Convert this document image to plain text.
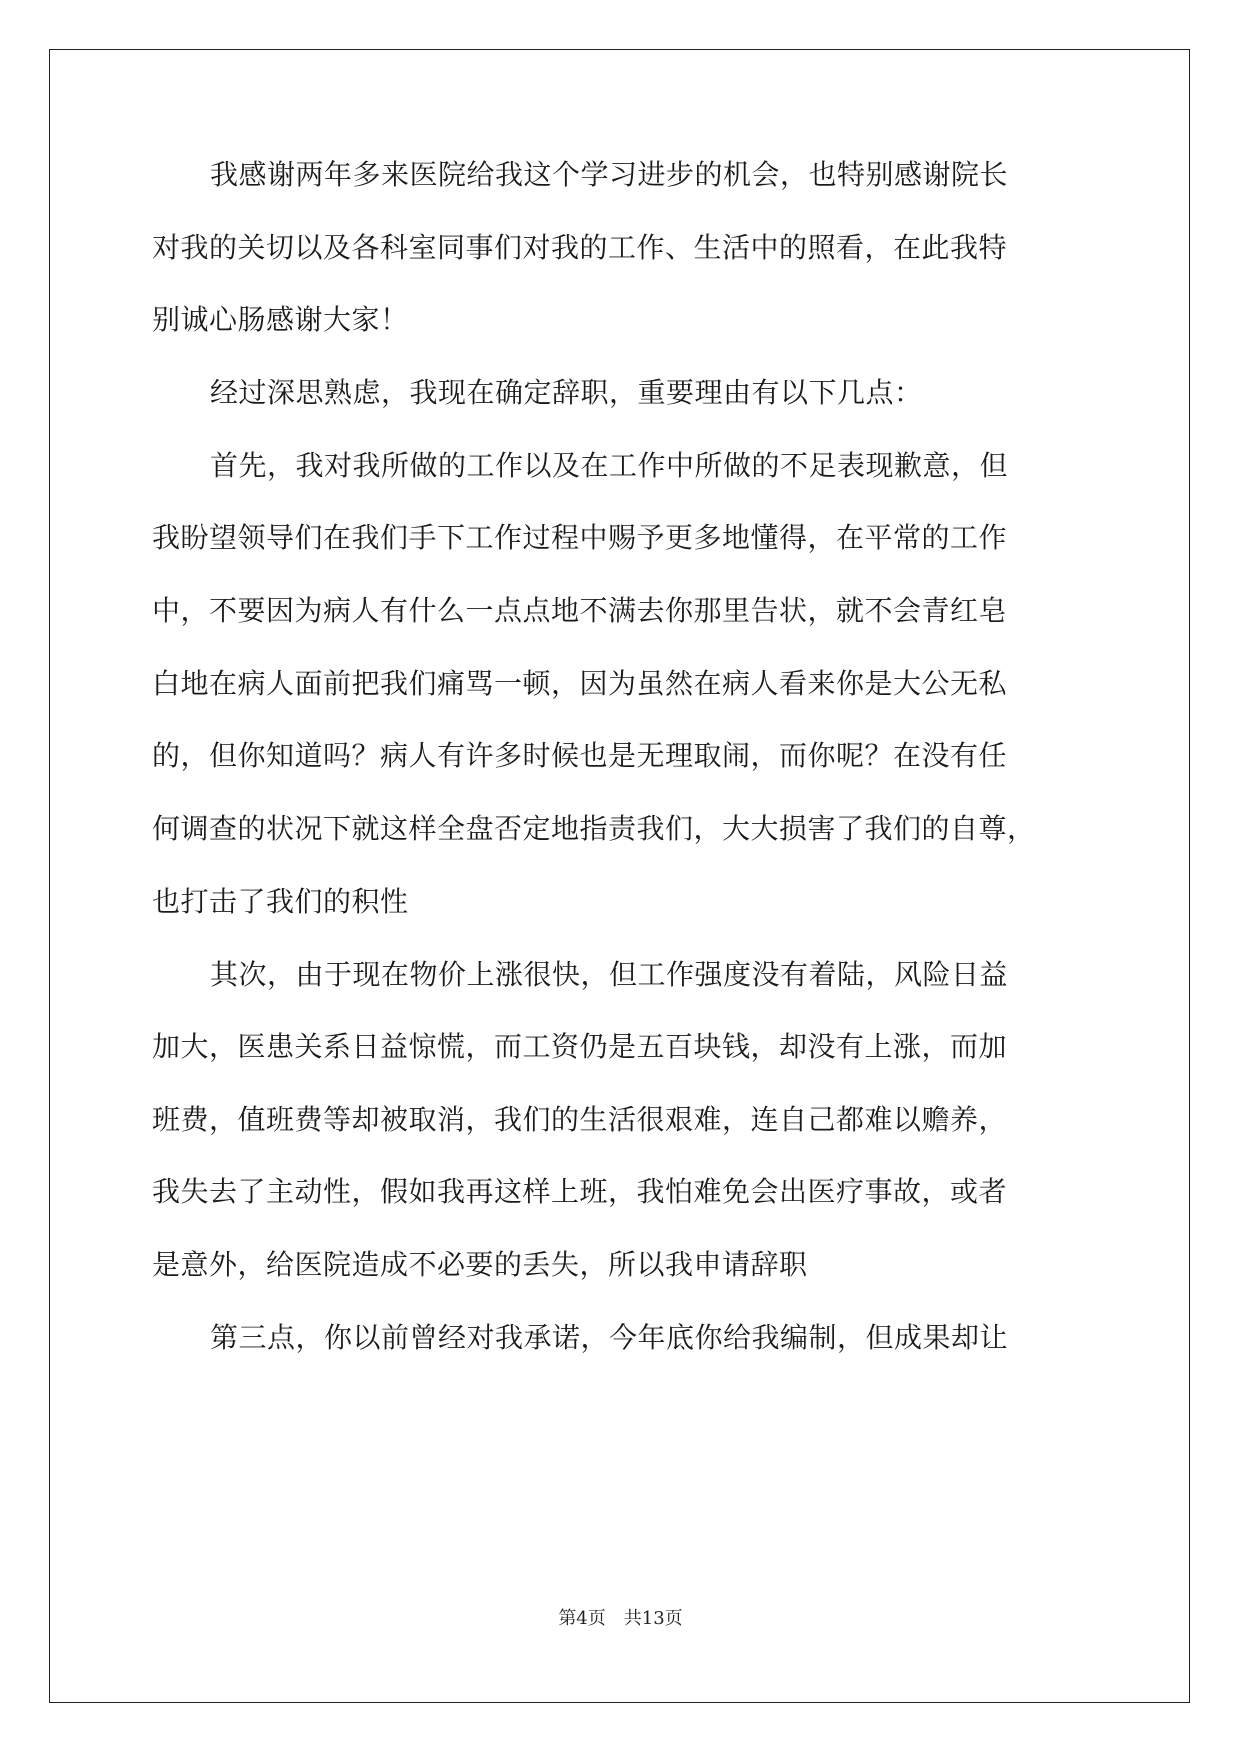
我感谢两年多来医院给我这个学习进步的机会，也特别感谢院长
对我的关切以及各科室同事们对我的工作、生活中的照看，在此我特
别诚心肠感谢大家！
经过深思熟虑，我现在确定辞职，重要理由有以下几点：
首先，我对我所做的工作以及在工作中所做的不足表现歉意，但
我盼望领导们在我们手下工作过程中赐予更多地懂得，在平常的工作
中，不要因为病人有什么一点点地不满去你那里告状，就不会青红皂
白地在病人面前把我们痛骂一顿，因为虽然在病人看来你是大公无私
的，但你知道吗？病人有许多时候也是无理取闹，而你呢？在没有任
何调查的状况下就这样全盘否定地指责我们，大大损害了我们的自尊，
也打击了我们的积性
其次，由于现在物价上涨很快，但工作强度没有着陆，风险日益
加大，医患关系日益惊慌，而工资仍是五百块钱，却没有上涨，而加
班费，值班费等却被取消，我们的生活很艰难，连自己都难以赡养，
我失去了主动性，假如我再这样上班，我怕难免会出医疗事故，或者
是意外，给医院造成不必要的丢失，所以我申请辞职
第三点，你以前曾经对我承诺，今年底你给我编制，但成果却让
第4页 共13页
